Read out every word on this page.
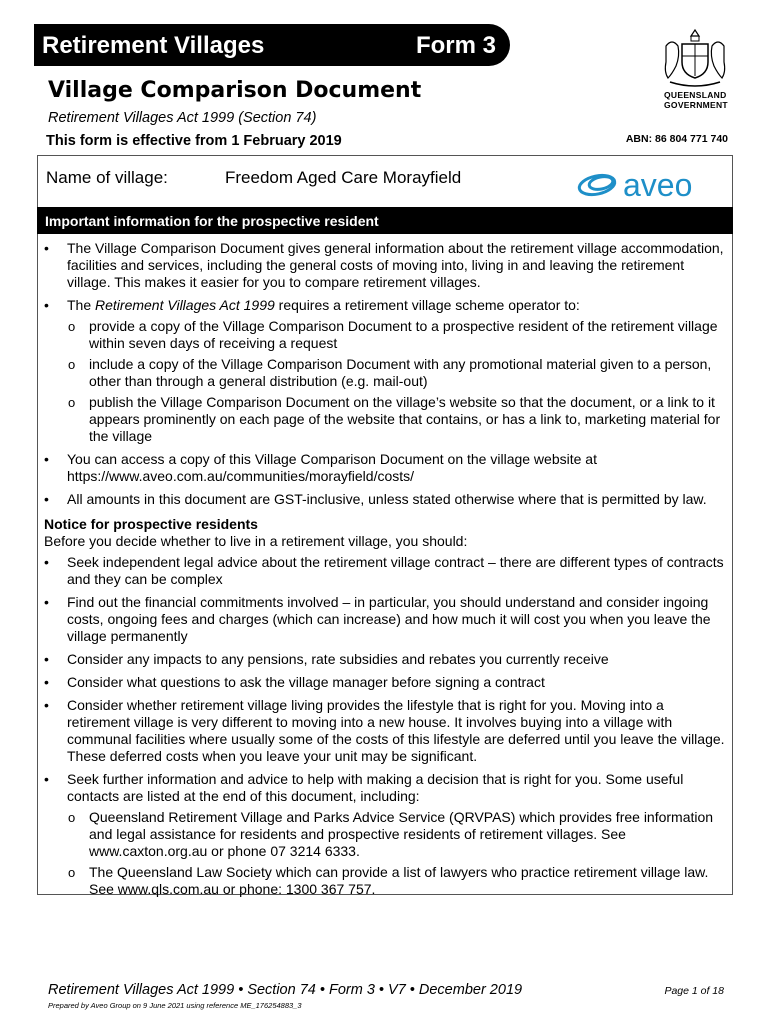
Retirement Villages	Form 3
QUEENSLAND
GOVERNMENT
Village Comparison Document
Retirement Villages Act 1999 (Section 74)
This form is effective from 1 February 2019	ABN: 86 804 771 740
Name of village:	Freedom Aged Care Morayfield	aveo
Important information for the prospective resident
• The Village Comparison Document gives general information about the retirement village accommodation, facilities and services, including the general costs of moving into, living in and leaving the retirement village. This makes it easier for you to compare retirement villages.
• The Retirement Villages Act 1999 requires a retirement village scheme operator to:
o provide a copy of the Village Comparison Document to a prospective resident of the retirement village within seven days of receiving a request
o include a copy of the Village Comparison Document with any promotional material given to a person, other than through a general distribution (e.g. mail-out)
o publish the Village Comparison Document on the village’s website so that the document, or a link to it appears prominently on each page of the website that contains, or has a link to, marketing material for the village
• You can access a copy of this Village Comparison Document on the village website at https://www.aveo.com.au/communities/morayfield/costs/
• All amounts in this document are GST-inclusive, unless stated otherwise where that is permitted by law.
Notice for prospective residents
Before you decide whether to live in a retirement village, you should:
• Seek independent legal advice about the retirement village contract – there are different types of contracts and they can be complex
• Find out the financial commitments involved – in particular, you should understand and consider ingoing costs, ongoing fees and charges (which can increase) and how much it will cost you when you leave the village permanently
• Consider any impacts to any pensions, rate subsidies and rebates you currently receive
• Consider what questions to ask the village manager before signing a contract
• Consider whether retirement village living provides the lifestyle that is right for you. Moving into a retirement village is very different to moving into a new house. It involves buying into a village with communal facilities where usually some of the costs of this lifestyle are deferred until you leave the village. These deferred costs when you leave your unit may be significant.
• Seek further information and advice to help with making a decision that is right for you. Some useful contacts are listed at the end of this document, including:
o Queensland Retirement Village and Parks Advice Service (QRVPAS) which provides free information and legal assistance for residents and prospective residents of retirement villages. See www.caxton.org.au or phone 07 3214 6333.
o The Queensland Law Society which can provide a list of lawyers who practice retirement village law. See www.qls.com.au or phone: 1300 367 757.
Retirement Villages Act 1999 • Section 74 • Form 3 • V7 • December 2019	Page 1 of 18
Prepared by Aveo Group on 9 June 2021 using reference ME_176254883_3
